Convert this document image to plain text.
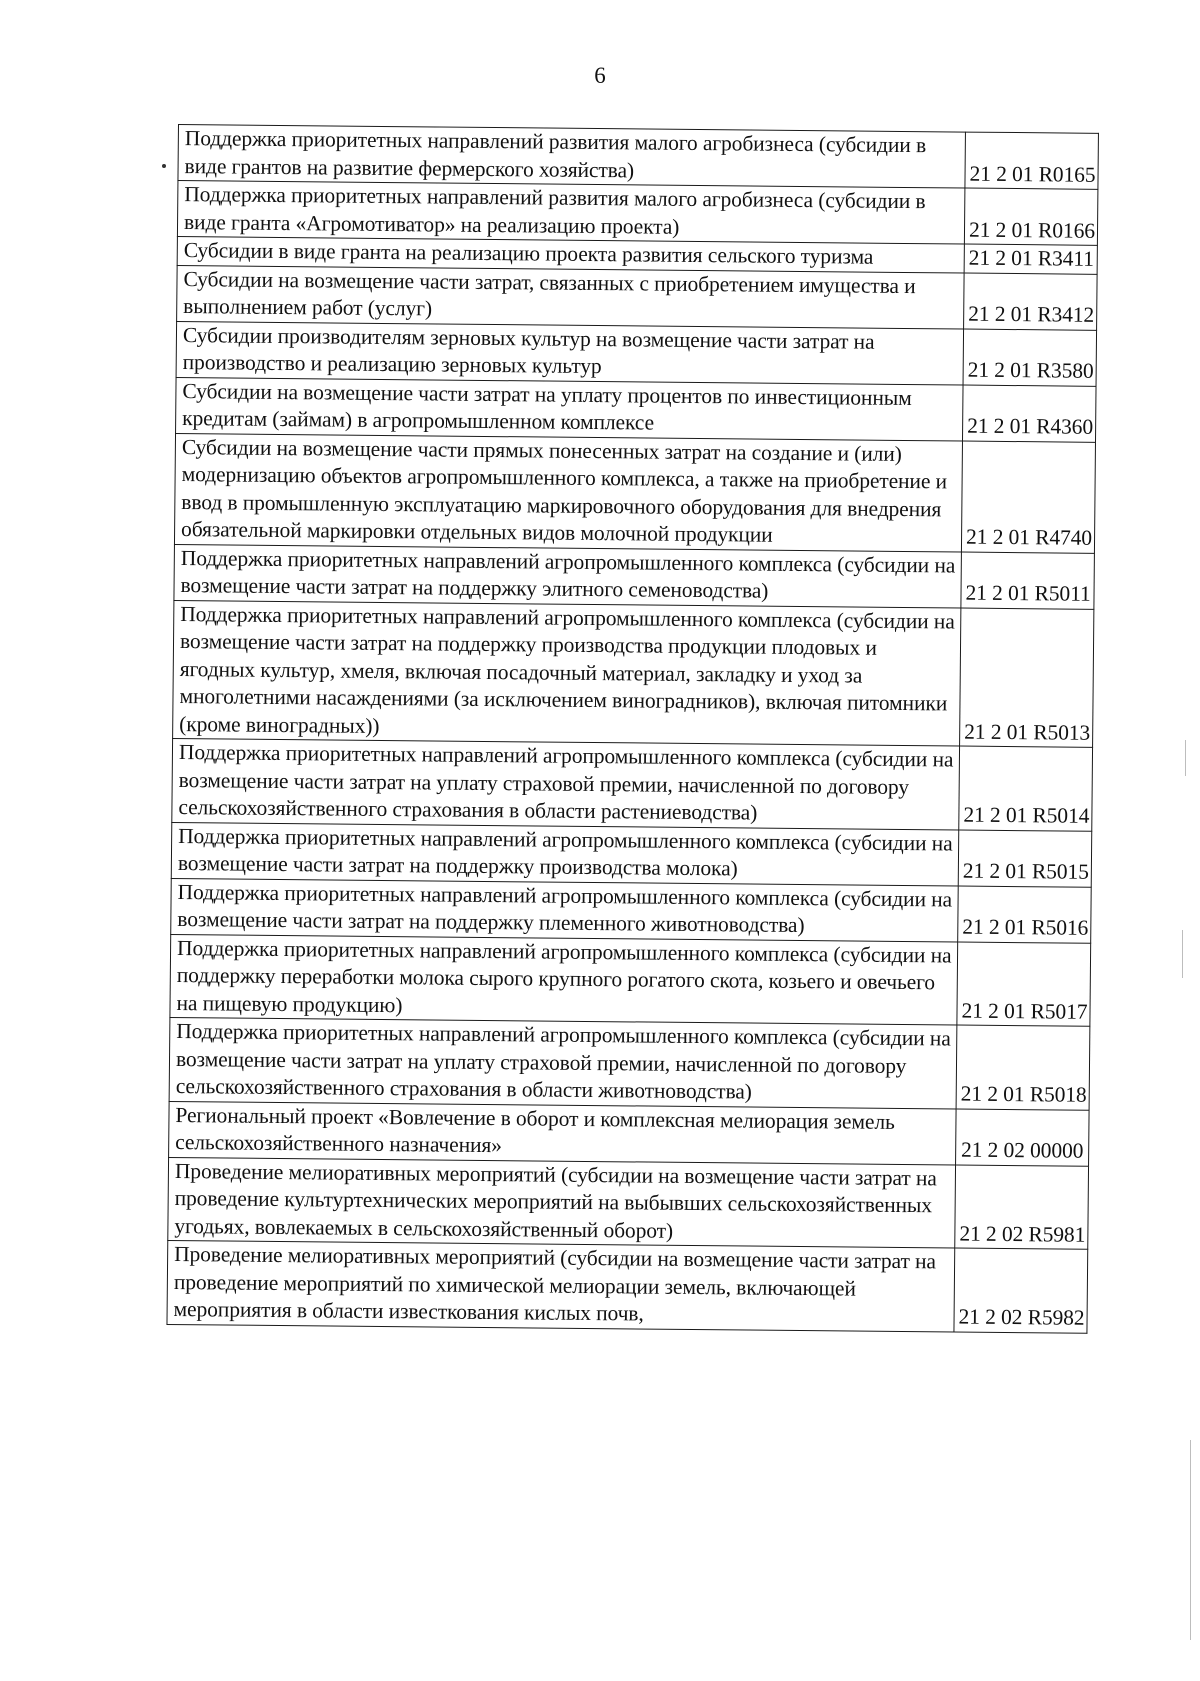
6
Поддержка приоритетных направлений развития малого агробизнеса (субсидии в виде грантов на развитие фермерского хозяйства)	21 2 01 R0165
Поддержка приоритетных направлений развития малого агробизнеса (субсидии в виде гранта «Агромотиватор» на реализацию проекта)	21 2 01 R0166
Субсидии в виде гранта на реализацию проекта развития сельского туризма	21 2 01 R3411
Субсидии на возмещение части затрат, связанных с приобретением имущества и выполнением работ (услуг)	21 2 01 R3412
Субсидии производителям зерновых культур на возмещение части затрат на производство и реализацию зерновых культур	21 2 01 R3580
Субсидии на возмещение части затрат на уплату процентов по инвестиционным кредитам (займам) в агропромышленном комплексе	21 2 01 R4360
Субсидии на возмещение части прямых понесенных затрат на создание и (или) модернизацию объектов агропромышленного комплекса, а также на приобретение и ввод в промышленную эксплуатацию маркировочного оборудования для внедрения обязательной маркировки отдельных видов молочной продукции	21 2 01 R4740
Поддержка приоритетных направлений агропромышленного комплекса (субсидии на возмещение части затрат на поддержку элитного семеноводства)	21 2 01 R5011
Поддержка приоритетных направлений агропромышленного комплекса (субсидии на возмещение части затрат на поддержку производства продукции плодовых и ягодных культур, хмеля, включая посадочный материал, закладку и уход за многолетними насаждениями (за исключением виноградников), включая питомники (кроме виноградных))	21 2 01 R5013
Поддержка приоритетных направлений агропромышленного комплекса (субсидии на возмещение части затрат на уплату страховой премии, начисленной по договору сельскохозяйственного страхования в области растениеводства)	21 2 01 R5014
Поддержка приоритетных направлений агропромышленного комплекса (субсидии на возмещение части затрат на поддержку производства молока)	21 2 01 R5015
Поддержка приоритетных направлений агропромышленного комплекса (субсидии на возмещение части затрат на поддержку племенного животноводства)	21 2 01 R5016
Поддержка приоритетных направлений агропромышленного комплекса (субсидии на поддержку переработки молока сырого крупного рогатого скота, козьего и овечьего на пищевую продукцию)	21 2 01 R5017
Поддержка приоритетных направлений агропромышленного комплекса (субсидии на возмещение части затрат на уплату страховой премии, начисленной по договору сельскохозяйственного страхования в области животноводства)	21 2 01 R5018
Региональный проект «Вовлечение в оборот и комплексная мелиорация земель сельскохозяйственного назначения»	21 2 02 00000
Проведение мелиоративных мероприятий (субсидии на возмещение части затрат на проведение культуртехнических мероприятий на выбывших сельскохозяйственных угодьях, вовлекаемых в сельскохозяйственный оборот)	21 2 02 R5981
Проведение мелиоративных мероприятий (субсидии на возмещение части затрат на проведение мероприятий по химической мелиорации земель, включающей мероприятия в области известкования кислых почв,	21 2 02 R5982
